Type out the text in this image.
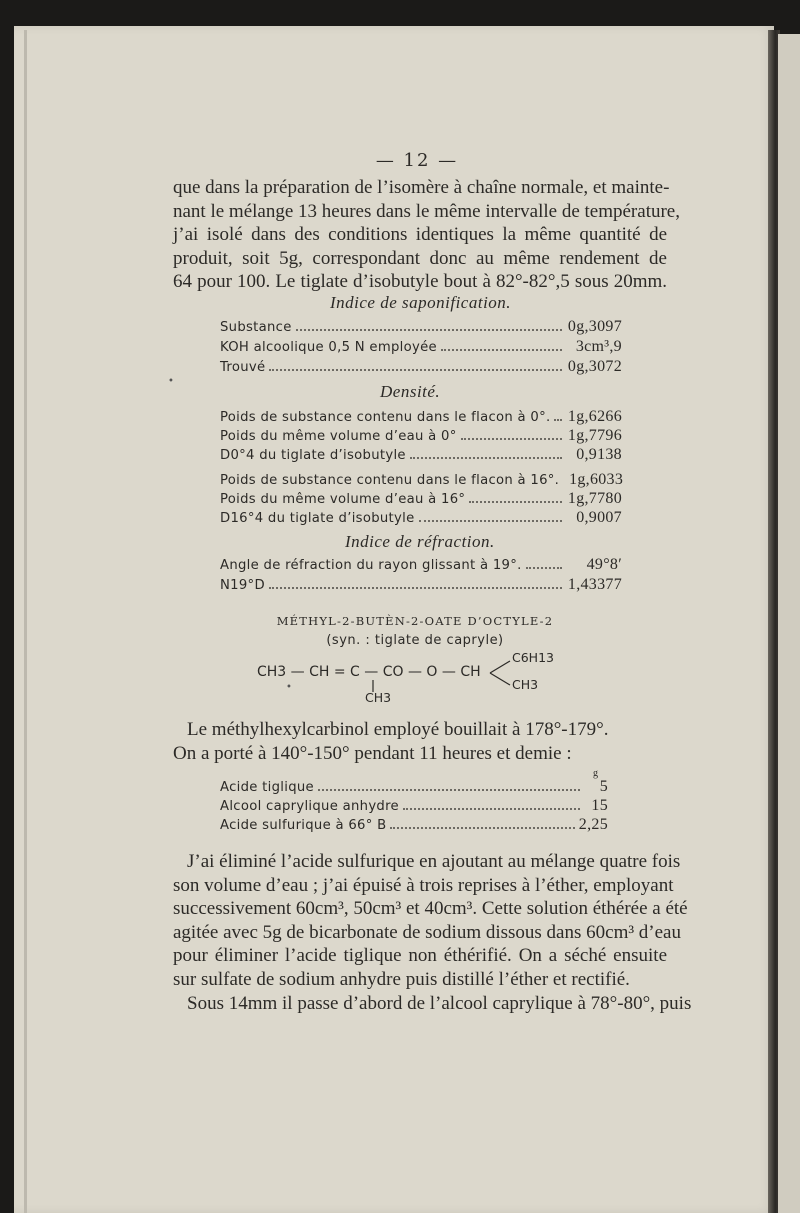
— 12 —
que dans la préparation de l’isomère à chaîne normale, et mainte-
nant le mélange 13 heures dans le même intervalle de température,
j’ai isolé dans des conditions identiques la même quantité de
produit, soit 5g, correspondant donc au même rendement de
64 pour 100. Le tiglate d’isobutyle bout à 82°-82°,5 sous 20mm.
Indice de saponification.
Substance	0g,3097
KOH alcoolique 0,5 N employée	3cm³,9
Trouvé	0g,3072
•
Densité.
Poids de substance contenu dans le flacon à 0°. 1g,6266
Poids du même volume d’eau à 0°	1g,7796
D0°4 du tiglate d’isobutyle	0,9138
Poids de substance contenu dans le flacon à 16°. 1g,6033
Poids du même volume d’eau à 16°	1g,7780
D16°4 du tiglate d’isobutyle	0,9007
Indice de réfraction.
Angle de réfraction du rayon glissant à 19°.	49°8′
N19°D	1,43377
MÉTHYL-2-BUTÈN-2-OATE D’OCTYLE-2
(syn. : tiglate de capryle)
CH3 — CH = C — CO — O — CH
C6H13
CH3
CH3
•
Le méthylhexylcarbinol employé bouillait à 178°-179°.
On a porté à 140°-150° pendant 11 heures et demie :
g
Acide tiglique	5
Alcool caprylique anhydre	15
Acide sulfurique à 66° B	2,25
J’ai éliminé l’acide sulfurique en ajoutant au mélange quatre fois
son volume d’eau ; j’ai épuisé à trois reprises à l’éther, employant
successivement 60cm³, 50cm³ et 40cm³. Cette solution éthérée a été
agitée avec 5g de bicarbonate de sodium dissous dans 60cm³ d’eau
pour éliminer l’acide tiglique non éthérifié. On a séché ensuite
sur sulfate de sodium anhydre puis distillé l’éther et rectifié.
Sous 14mm il passe d’abord de l’alcool caprylique à 78°-80°, puis
